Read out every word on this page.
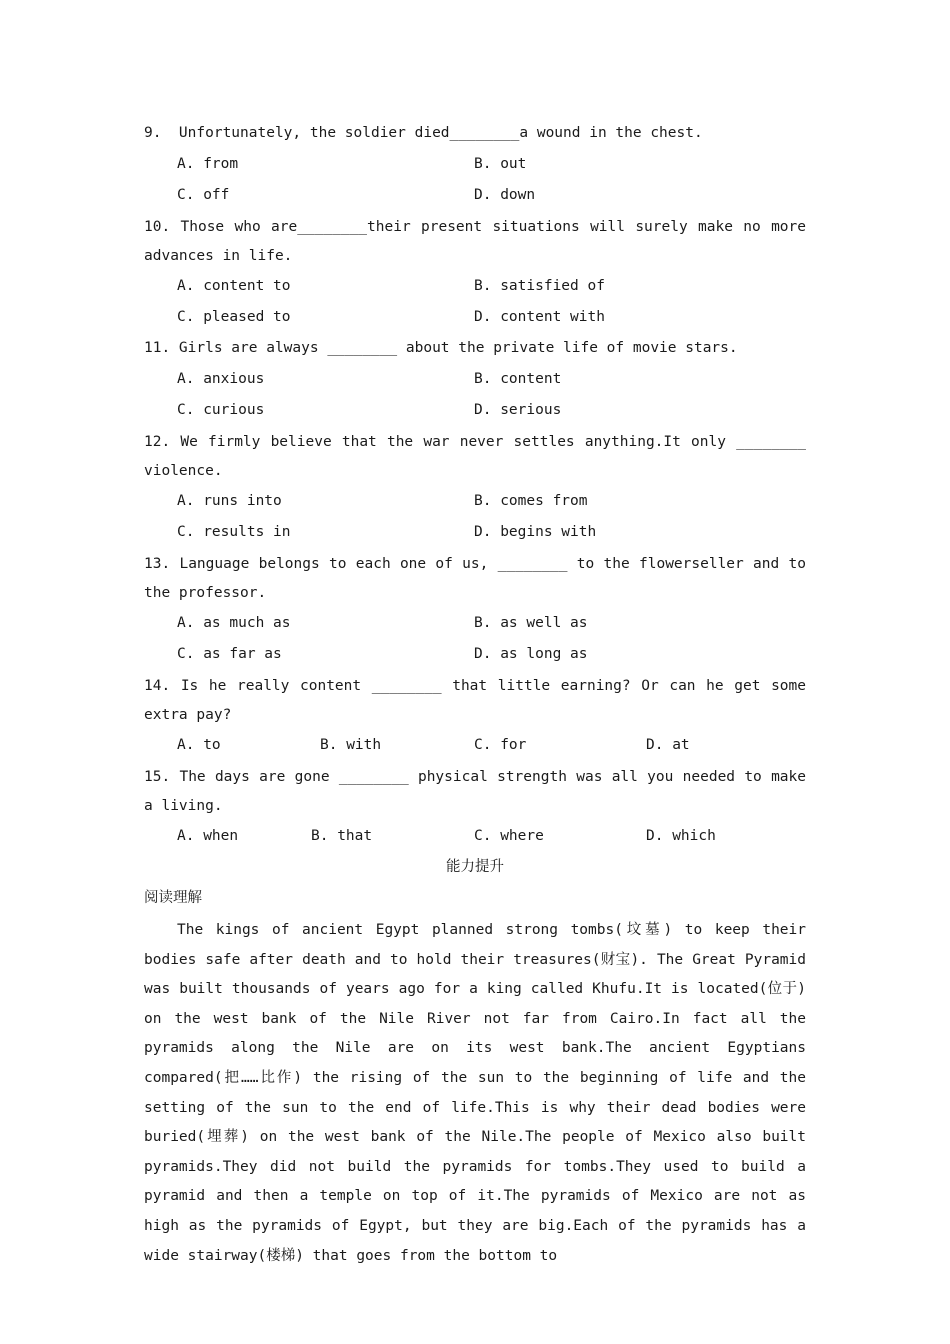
9.  Unfortunately, the soldier died________a wound in the chest.
A. from	B. out
C. off	D. down
10. Those who are________their present situations will surely make no more advances in life.
A. content to	B. satisfied of
C. pleased to	D. content with
11. Girls are always ________ about the private life of movie stars.
A. anxious	B. content
C. curious	D. serious
12. We firmly believe that the war never settles anything.It only ________ violence.
A. runs into	B. comes from
C. results in	D. begins with
13. Language belongs to each one of us, ________ to the flowerseller and to the professor.
A. as much as	B. as well as
C. as far as	D. as long as
14. Is he really content ________ that little earning? Or can he get some extra pay?
A. to	B. with	C. for	D. at
15. The days are gone ________ physical strength was all you needed to make a living.
A. when	B. that	C. where	D. which
能力提升
阅读理解
The kings of ancient Egypt planned strong tombs(坟墓) to keep their bodies safe after death and to hold their treasures(财宝). The Great Pyramid was built thousands of years ago for a king called Khufu.It is located(位于) on the west bank of the Nile River not far from Cairo.In fact all the pyramids along the Nile are on its west bank.The ancient Egyptians compared(把……比作) the rising of the sun to the beginning of life and the setting of the sun to the end of life.This is why their dead bodies were buried(埋葬) on the west bank of the Nile.The people of Mexico also built pyramids.They did not build the pyramids for tombs.They used to build a pyramid and then a temple on top of it.The pyramids of Mexico are not as high as the pyramids of Egypt, but they are big.Each of the pyramids has a wide stairway(楼梯) that goes from the bottom to
